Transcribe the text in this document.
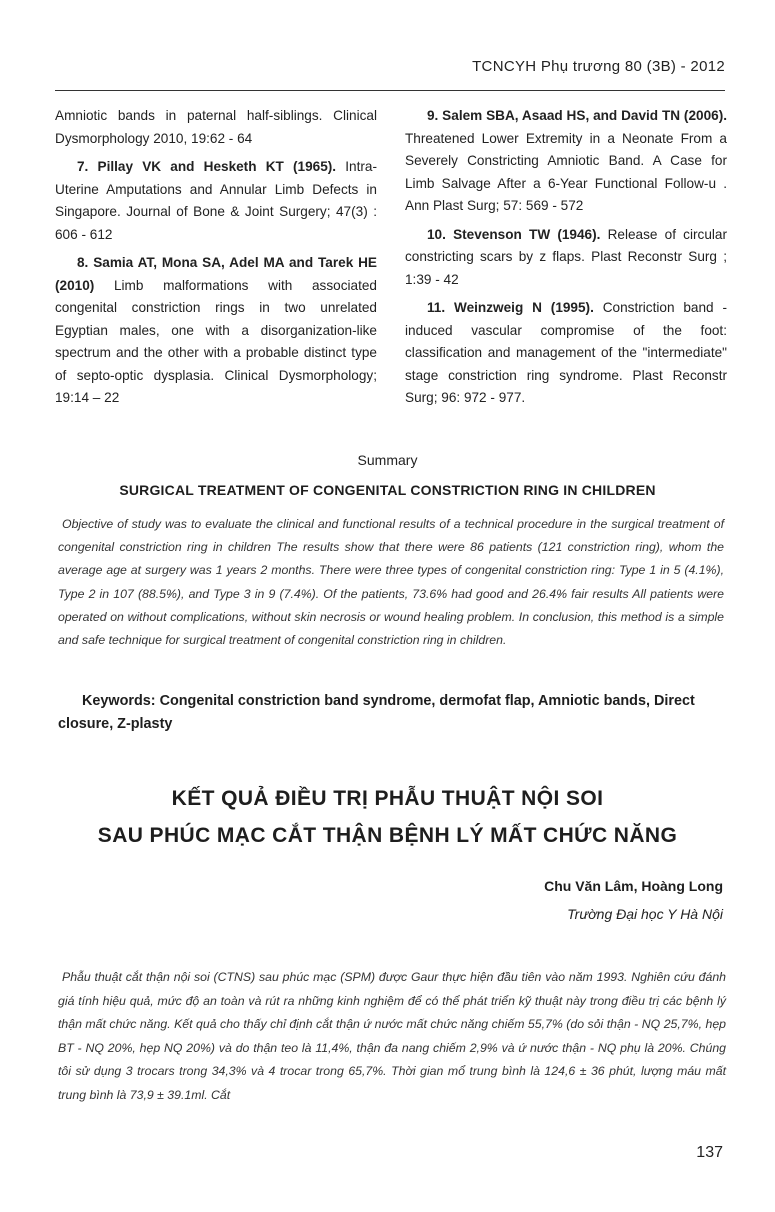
TCNCYH Phụ trương 80 (3B) - 2012
Amniotic bands in paternal half-siblings. Clinical Dysmorphology 2010, 19:62 - 64
7. Pillay VK and Hesketh KT (1965). Intra-Uterine Amputations and Annular Limb Defects in Singapore. Journal of Bone & Joint Surgery; 47(3) : 606 - 612
8. Samia AT, Mona SA, Adel MA and Tarek HE (2010) Limb malformations with associated congenital constriction rings in two unrelated Egyptian males, one with a disorganization-like spectrum and the other with a probable distinct type of septo-optic dysplasia. Clinical Dysmorphology; 19:14 – 22
9. Salem SBA, Asaad HS, and David TN (2006). Threatened Lower Extremity in a Neonate From a Severely Constricting Amniotic Band. A Case for Limb Salvage After a 6-Year Functional Follow-u . Ann Plast Surg; 57: 569 - 572
10. Stevenson TW (1946). Release of circular constricting scars by z flaps. Plast Reconstr Surg ; 1:39 - 42
11. Weinzweig N (1995). Constriction band - induced vascular compromise of the foot: classification and management of the "intermediate" stage constriction ring syndrome. Plast Reconstr Surg; 96: 972 - 977.
Summary
SURGICAL TREATMENT OF CONGENITAL CONSTRICTION RING IN CHILDREN
Objective of study was to evaluate the clinical and functional results of a technical procedure in the surgical treatment of congenital constriction ring in children The results show that there were 86 patients (121 constriction ring), whom the average age at surgery was 1 years 2 months. There were three types of congenital constriction ring: Type 1 in 5 (4.1%), Type 2 in 107 (88.5%), and Type 3 in 9 (7.4%). Of the patients, 73.6% had good and 26.4% fair results All patients were operated on without complications, without skin necrosis or wound healing problem. In conclusion, this method is a simple and safe technique for surgical treatment of congenital constriction ring in children.
Keywords: Congenital constriction band syndrome, dermofat flap, Amniotic bands, Direct closure, Z-plasty
KẾT QUẢ ĐIỀU TRỊ PHẪU THUẬT NỘI SOI
SAU PHÚC MẠC CẮT THẬN BỆNH LÝ MẤT CHỨC NĂNG
Chu Văn Lâm, Hoàng Long
Trường Đại học Y Hà Nội
Phẫu thuật cắt thận nội soi (CTNS) sau phúc mạc (SPM) được Gaur thực hiện đầu tiên vào năm 1993. Nghiên cứu đánh giá tính hiệu quả, mức độ an toàn và rút ra những kinh nghiệm để có thể phát triển kỹ thuật này trong điều trị các bệnh lý thận mất chức năng. Kết quả cho thấy chỉ định cắt thận ứ nước mất chức năng chiếm 55,7% (do sỏi thận - NQ 25,7%, hẹp BT - NQ 20%, hẹp NQ 20%) và do thận teo là 11,4%, thận đa nang chiếm 2,9% và ứ nước thận - NQ phụ là 20%. Chúng tôi sử dụng 3 trocars trong 34,3% và 4 trocar trong 65,7%. Thời gian mổ trung bình là 124,6 ± 36 phút, lượng máu mất trung bình là 73,9 ± 39.1ml. Cắt
137
